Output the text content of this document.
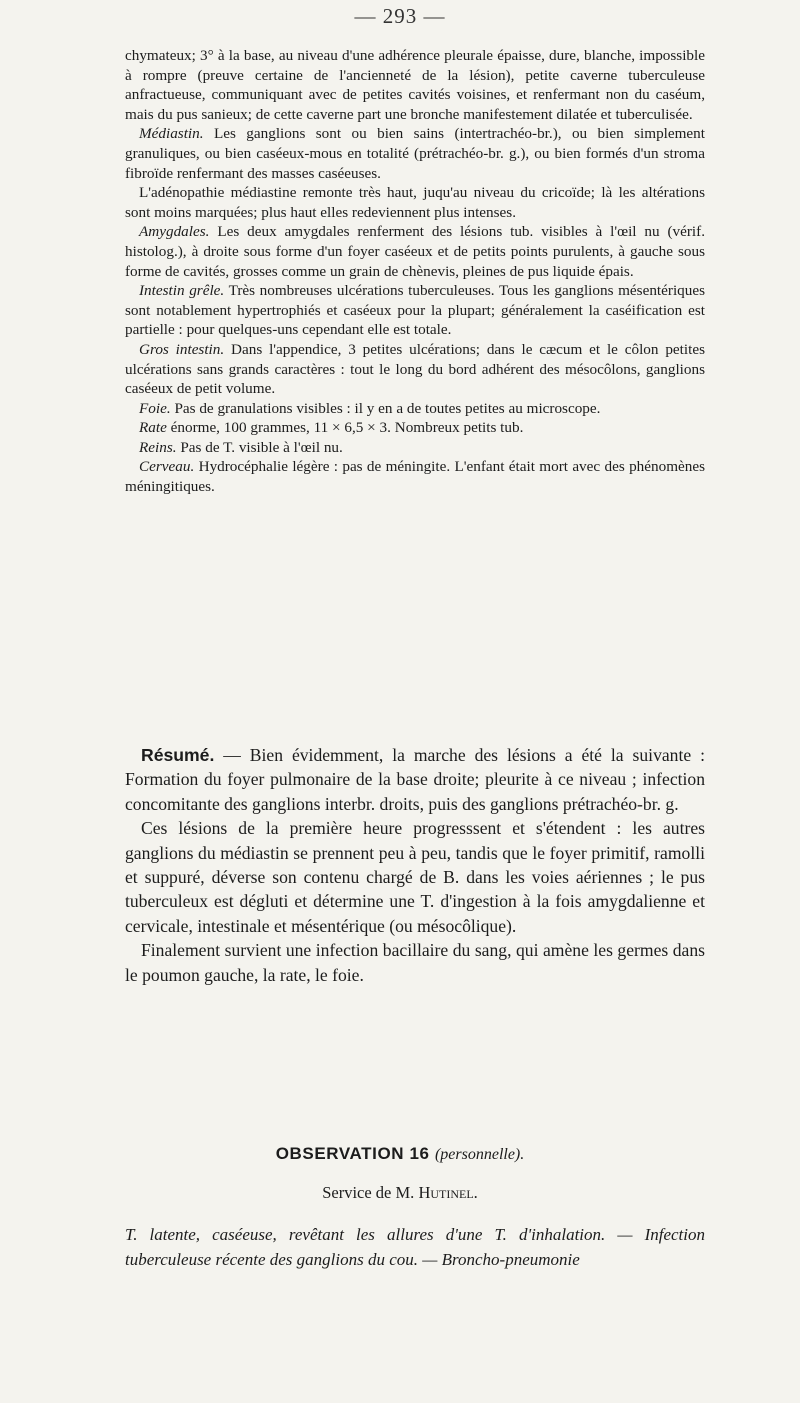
— 293 —

chymateux; 3° à la base, au niveau d'une adhérence pleurale épaisse, dure, blanche, impossible à rompre (preuve certaine de l'ancienneté de la lésion), petite caverne tuberculeuse anfractueuse, communiquant avec de petites cavités voisines, et renfermant non du caséum, mais du pus sanieux; de cette caverne part une bronche manifestement dilatée et tuberculisée.

Médiastin. Les ganglions sont ou bien sains (intertrachéo-br.), ou bien simplement granuliques, ou bien caséeux-mous en totalité (prétrachéo-br. g.), ou bien formés d'un stroma fibroïde renfermant des masses caséeuses.

L'adénopathie médiastine remonte très haut, juqu'au niveau du cricoïde; là les altérations sont moins marquées; plus haut elles redeviennent plus intenses.

Amygdales. Les deux amygdales renferment des lésions tub. visibles à l'œil nu (vérif. histolog.), à droite sous forme d'un foyer caséeux et de petits points purulents, à gauche sous forme de cavités, grosses comme un grain de chènevis, pleines de pus liquide épais.

Intestin grêle. Très nombreuses ulcérations tuberculeuses. Tous les ganglions mésentériques sont notablement hypertrophiés et caséeux pour la plupart; généralement la caséification est partielle : pour quelques-uns cependant elle est totale.

Gros intestin. Dans l'appendice, 3 petites ulcérations; dans le cæcum et le côlon petites ulcérations sans grands caractères : tout le long du bord adhérent des mésocôlons, ganglions caséeux de petit volume.

Foie. Pas de granulations visibles : il y en a de toutes petites au microscope.

Rate énorme, 100 grammes, 11 × 6,5 × 3. Nombreux petits tub.

Reins. Pas de T. visible à l'œil nu.

Cerveau. Hydrocéphalie légère : pas de méningite. L'enfant était mort avec des phénomènes méningitiques.

Résumé. — Bien évidemment, la marche des lésions a été la suivante : Formation du foyer pulmonaire de la base droite; pleurite à ce niveau ; infection concomitante des ganglions interbr. droits, puis des ganglions prétrachéo-br. g.

Ces lésions de la première heure progresssent et s'étendent : les autres ganglions du médiastin se prennent peu à peu, tandis que le foyer primitif, ramolli et suppuré, déverse son contenu chargé de B. dans les voies aériennes ; le pus tuberculeux est dégluti et détermine une T. d'ingestion à la fois amygdalienne et cervicale, intestinale et mésentérique (ou mésocôlique).

Finalement survient une infection bacillaire du sang, qui amène les germes dans le poumon gauche, la rate, le foie.

OBSERVATION 16 (personnelle).
Service de M. Hutinel.
T. latente, caséeuse, revêtant les allures d'une T. d'inhalation. — Infection tuberculeuse récente des ganglions du cou. — Broncho-pneumonie
